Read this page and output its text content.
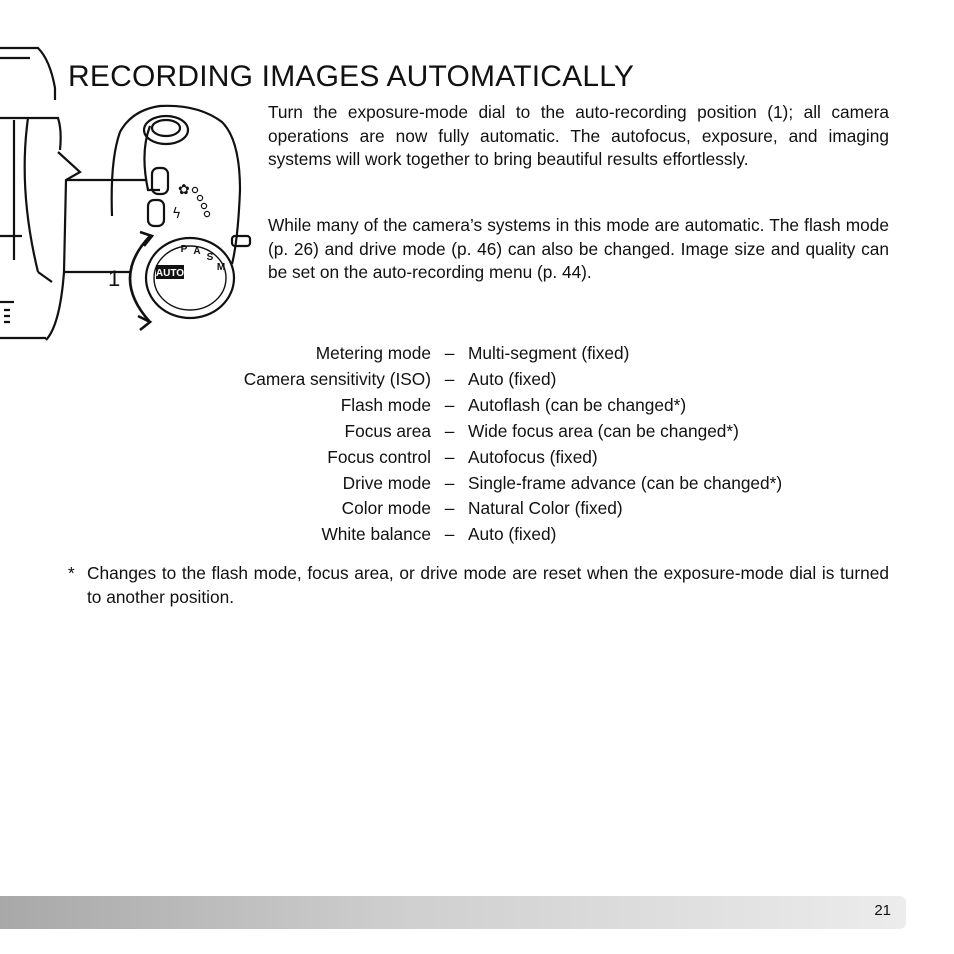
RECORDING IMAGES AUTOMATICALLY
✿
ϟ
AUTO
P A
S
M
1

Turn the exposure-mode dial to the auto-recording position (1); all camera operations are now fully automatic. The autofocus, exposure, and imaging systems will work together to bring beautiful results effortlessly.

While many of the camera’s systems in this mode are automatic. The flash mode (p. 26) and drive mode (p. 46) can also be changed. Image size and quality can be set on the auto-recording menu (p. 44).

Metering mode	–	Multi-segment (fixed)
Camera sensitivity (ISO)	–	Auto (fixed)
Flash mode	–	Autoflash (can be changed*)
Focus area	–	Wide focus area (can be changed*)
Focus control	–	Autofocus (fixed)
Drive mode	–	Single-frame advance (can be changed*)
Color mode	–	Natural Color (fixed)
White balance	–	Auto (fixed)
* Changes to the flash mode, focus area, or drive mode are reset when the exposure-mode dial is turned to another position.

21
